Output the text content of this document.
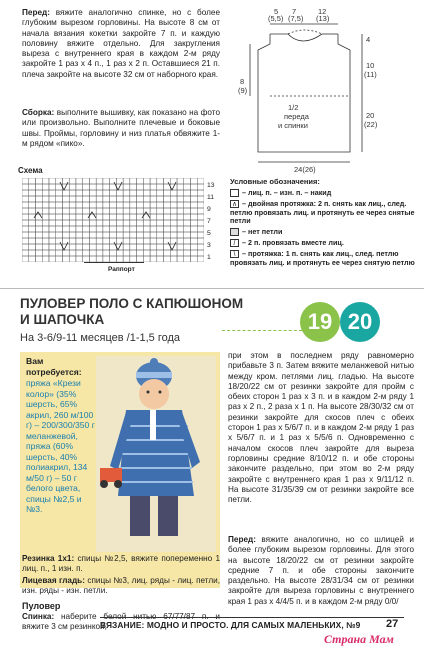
Перед: вяжите аналогично спинке, но с более глубоким вырезом горловины. На высоте 8 см от начала вязания кокетки закройте 7 п. и каждую половину вяжите отдельно. Для закругления выреза с внутреннего края в каждом 2-м ряду закройте 1 раз х 4 п., 1 раз х 2 п. Оставшиеся 21 п. плеча закройте на высоте 32 см от наборного края.
Сборка: выполните вышивку, как показано на фото или произвольно. Выполните плечевые и боковые швы. Проймы, горловину и низ платья обвяжите 1-м рядом «пико».
Схема
5
(5,5)
7
(7,5)
12
(13)
4
10
(11)
20
(22)
8
(9)
1/2
переда
и спинки
24(26)
Раппорт
13
11
9
7
5
3
1
Условные обозначения:
– лиц. п. – изн. п. – накид
∧ – двойная протяжка: 2 п. снять как лиц., след. петлю провязать лиц. и протянуть ее через снятые петли
– нет петли
/ – 2 п. провязать вместе лиц.
\ – протяжка: 1 п. снять как лиц., след. петлю провязать лиц. и протянуть ее через снятую петлю
ПУЛОВЕР ПОЛО С КАПЮШОНОМ
И ШАПОЧКА
На 3-6/9-11 месяцев /1-1,5 года
19 20
Вам потребуется:
пряжа «Крези колор» (35% шерсть, 65% акрил, 260 м/100 г) – 200/300/350 г меланжевой, пряжа (60% шерсть, 40% полиакрил, 134 м/50 г) – 50 г белого цвета, спицы №2,5 и №3.
Резинка 1х1: спицы №2,5, вяжите попеременно 1 лиц. п., 1 изн. п.
Лицевая гладь: спицы №3, лиц. ряды - лиц. петли, изн. ряды - изн. петли.
Пуловер
Спинка: наберите белой нитью 67/77/87 п. и вяжите 3 см резинкой,
при этом в последнем ряду равномерно прибавьте 3 п. Затем вяжите меланжевой нитью между кром. петлями лиц. гладью. На высоте 18/20/22 см от резинки закройте для пройм с обеих сторон 1 раз х 3 п. и в каждом 2-м ряду 1 раз х 2 п., 2 раза х 1 п. На высоте 28/30/32 см от резинки закройте для скосов плеч с обеих сторон 1 раз х 5/6/7 п. и в каждом 2-м ряду 1 раз х 5/6/7 п. и 1 раз х 5/5/6 п. Одновременно с началом скосов плеч закройте для выреза горловины средние 8/10/12 п. и обе стороны закончите раздельно, при этом во 2-м ряду закройте с внутреннего края 1 раз х 9/11/12 п. На высоте 31/35/39 см от резинки закройте все петли.
Перед: вяжите аналогично, но со шлицей и более глубоким вырезом горловины. Для этого на высоте 18/20/22 см от резинки закройте средние 7 п. и обе стороны закончите раздельно. На высоте 28/31/34 см от резинки закройте для выреза горловины с внутреннего края 1 раз х 4/4/5 п. и в каждом 2-м ряду 0/0/
ВЯЗАНИЕ: МОДНО И ПРОСТО. ДЛЯ САМЫХ МАЛЕНЬКИХ, №9 27
Страна Мам
